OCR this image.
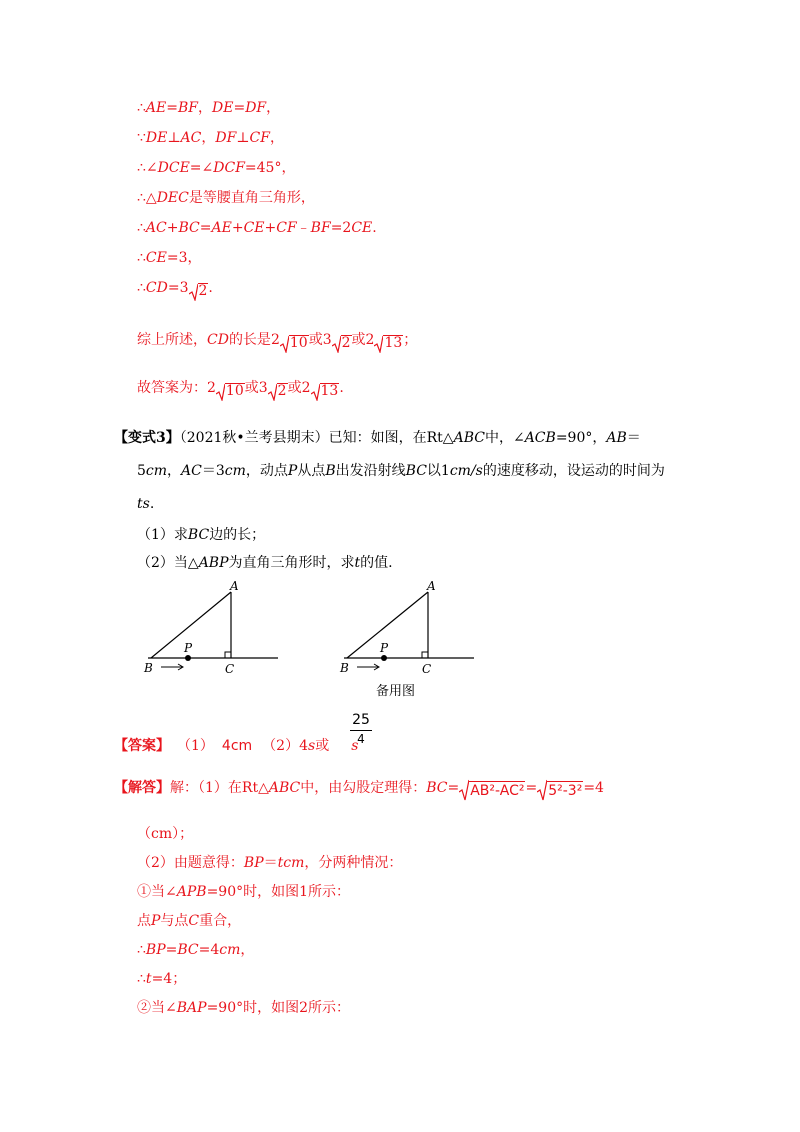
∴AE=BF，DE=DF，
∵DE⊥AC，DF⊥CF，
∴∠DCE=∠DCF=45°，
∴△DEC是等腰直角三角形，
∴AC+BC=AE+CE+CF﹣BF=2CE.
∴CE=3，
∴CD=3 2.
综上所述，CD的长是2 10或3 2或2 13；
故答案为：2 10或3 2或2 13.
【变式3】（2021秋•兰考县期末）已知：如图，在Rt△ABC中，∠ACB=90°，AB＝
5cm，AC＝3cm，动点P从点B出发沿射线BC以1cm/s的速度移动，设运动的时间为
ts.
（1）求BC边的长；
（2）当△ABP为直角三角形时，求t的值.
A
B	C
P
A
B	C
P
备用图
25
4
【答案】 （1） 4cm （2）4s或 s
【解答】解：（1）在Rt△ABC中，由勾股定理得：BC= AB²-AC²= 5²-3²=4
（cm）；
（2）由题意得：BP＝tcm，分两种情况：
①当∠APB=90°时，如图1所示：
点P与点C重合，
∴BP=BC=4cm，
∴t=4；
②当∠BAP=90°时，如图2所示：
